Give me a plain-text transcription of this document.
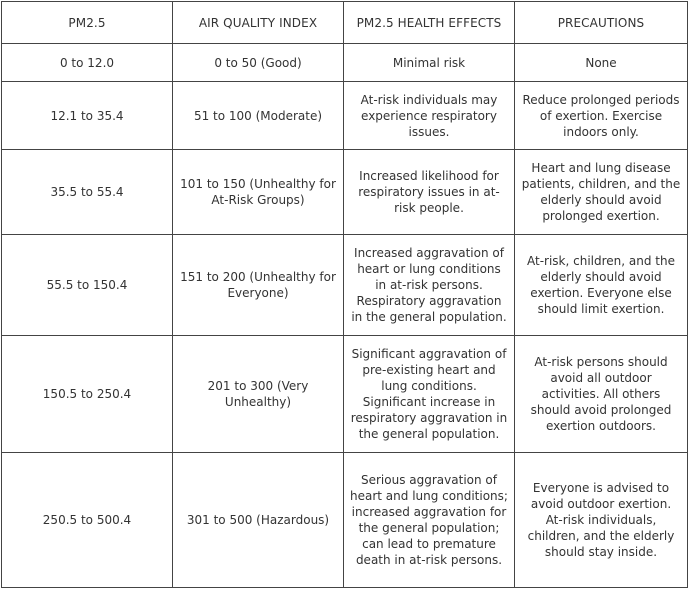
PM2.5	AIR QUALITY INDEX	PM2.5 HEALTH EFFECTS	PRECAUTIONS
0 to 12.0	0 to 50 (Good)	Minimal risk	None
12.1 to 35.4	51 to 100 (Moderate)	At-risk individuals may experience respiratory issues.	Reduce prolonged periods of exertion. Exercise indoors only.
35.5 to 55.4	101 to 150 (Unhealthy for At-Risk Groups)	Increased likelihood for respiratory issues in at-risk people.	Heart and lung disease patients, children, and the elderly should avoid prolonged exertion.
55.5 to 150.4	151 to 200 (Unhealthy for Everyone)	Increased aggravation of heart or lung conditions in at-risk persons. Respiratory aggravation in the general population.	At-risk, children, and the elderly should avoid exertion. Everyone else should limit exertion.
150.5 to 250.4	201 to 300 (Very Unhealthy)	Significant aggravation of pre-existing heart and lung conditions. Significant increase in respiratory aggravation in the general population.	At-risk persons should avoid all outdoor activities. All others should avoid prolonged exertion outdoors.
250.5 to 500.4	301 to 500 (Hazardous)	Serious aggravation of heart and lung conditions; increased aggravation for the general population; can lead to premature death in at-risk persons.	Everyone is advised to avoid outdoor exertion. At-risk individuals, children, and the elderly should stay inside.
